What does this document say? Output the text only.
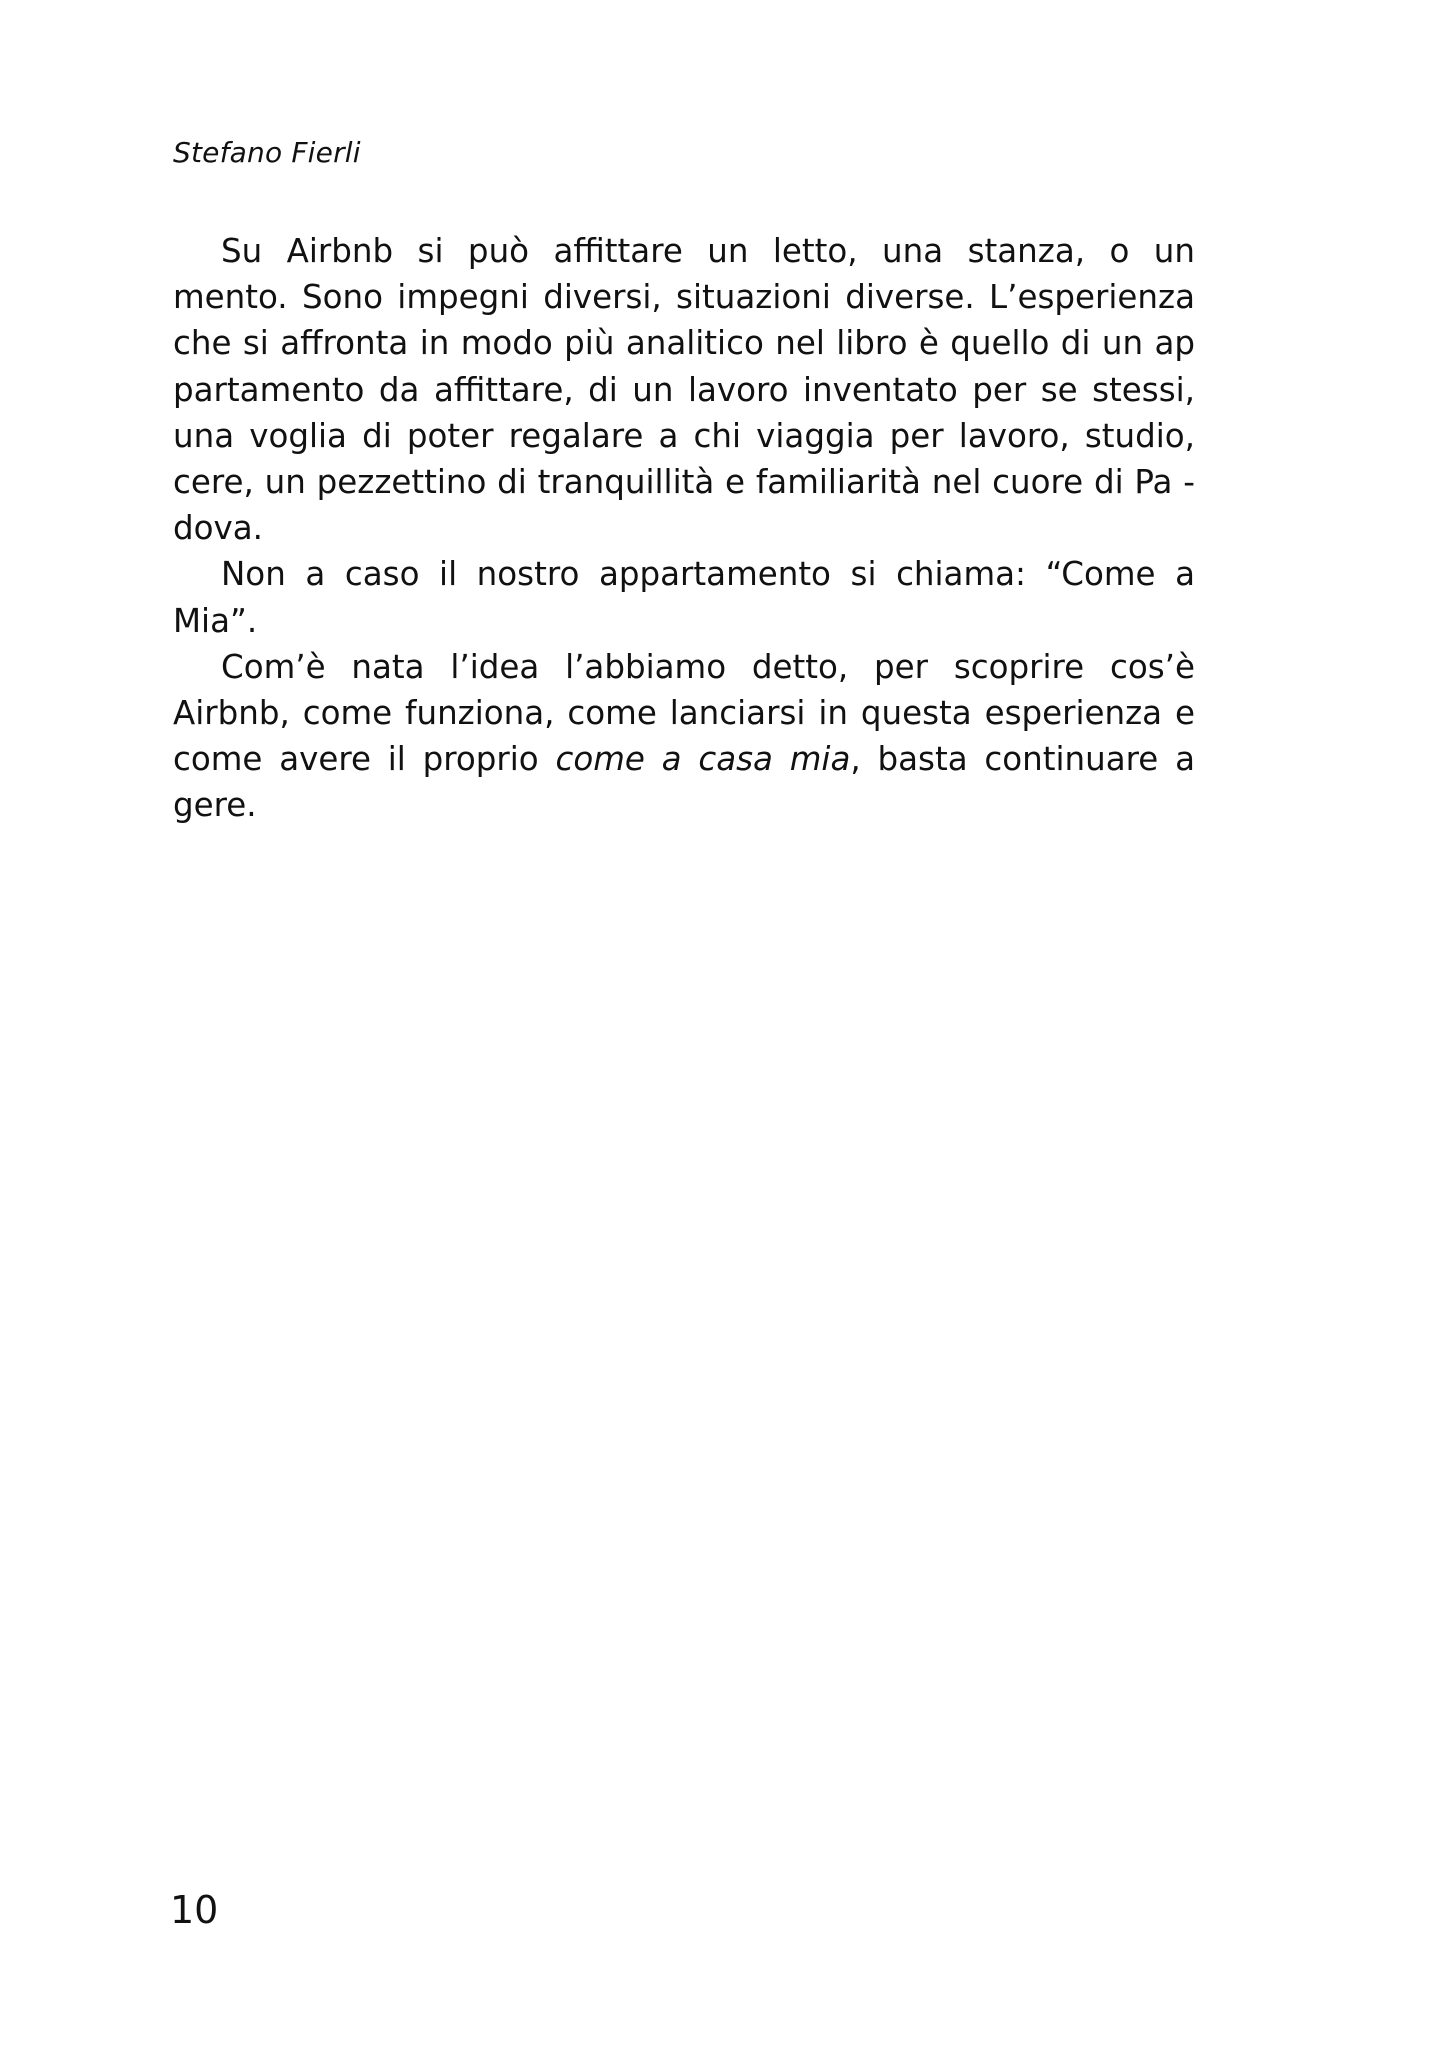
Stefano Fierli
Su Airbnb si può affittare un letto, una stanza, o un
mento. Sono impegni diversi, situazioni diverse. L’esperienza
che si affronta in modo più analitico nel libro è quello di un ap
partamento da affittare, di un lavoro inventato per se stessi,
una voglia di poter regalare a chi viaggia per lavoro, studio,
cere, un pezzettino di tranquillità e familiarità nel cuore di Pa -
dova.
Non a caso il nostro appartamento si chiama: “Come a
Mia”.
Com’è nata l’idea l’abbiamo detto, per scoprire cos’è
Airbnb, come funziona, come lanciarsi in questa esperienza e
come avere il proprio come a casa mia, basta continuare a
gere.
10
